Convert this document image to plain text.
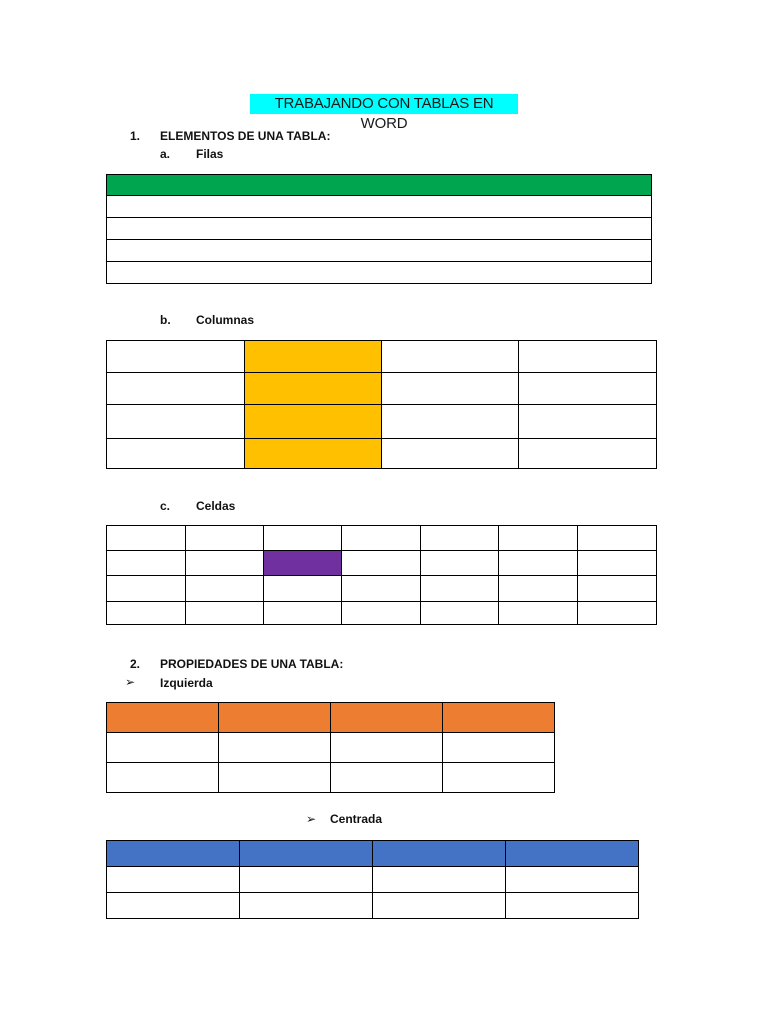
TRABAJANDO CON TABLAS EN WORD
1. ELEMENTOS DE UNA TABLA:
a. Filas

b. Columnas

c. Celdas

2. PROPIEDADES DE UNA TABLA:
➢ Izquierda

➢ Centrada
